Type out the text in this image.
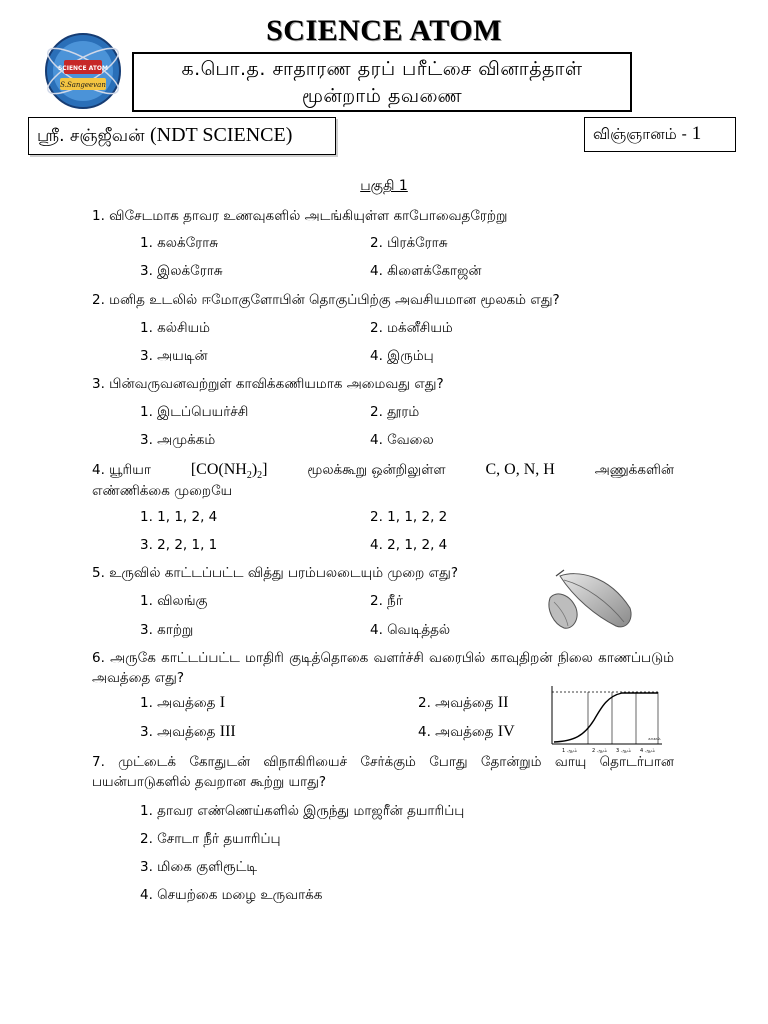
SCIENCE ATOM
SCIENCE ATOM
S.Sangeevan
க.பொ.த. சாதாரண தரப் பரீட்சை வினாத்தாள்
மூன்றாம் தவணை
ஸ்ரீ. சஞ்ஜீவன் (NDT SCIENCE)	விஞ்ஞானம் - 1
பகுதி 1
1. விசேடமாக தாவர உணவுகளில் அடங்கியுள்ள காபோவைதரேற்று
1. கலக்ரோசு	2. பிரக்ரோசு
3. இலக்ரோசு	4. கிளைக்கோஜன்
2. மனித உடலில் ஈமோகுளோபின் தொகுப்பிற்கு அவசியமான மூலகம் எது?
1. கல்சியம்	2. மக்னீசியம்
3. அயடின்	4. இரும்பு
3. பின்வருவனவற்றுள் காவிக்கணியமாக அமைவது எது?
1. இடப்பெயர்ச்சி	2. தூரம்
3. அமுக்கம்	4. வேலை
4. யூரியா $[CO(NH_2)_2]$	மூலக்கூறு ஒன்றிலுள்ள C, O, N, H	அணுக்களின்
எண்ணிக்கை முறையே
1. 1, 1, 2, 4	2. 1, 1, 2, 2
3. 2, 2, 1, 1	4. 2, 1, 2, 4
5. உருவில் காட்டப்பட்ட வித்து பரம்பலடையும் முறை எது?
1. விலங்கு	2. நீர்
3. காற்று	4. வெடித்தல்
6. அருகே காட்டப்பட்ட மாதிரி குடித்தொகை வளர்ச்சி வரைபில் காவுதிறன் நிலை காணப்படும் அவத்தை எது?
1. அவத்தை I	2. அவத்தை II
3. அவத்தை III	4. அவத்தை IV
1 ஆம்	2 ஆம் 3 ஆம் 4 ஆம்
காலம்
7. முட்டைக் கோதுடன் விநாகிரியைச் சேர்க்கும் போது தோன்றும் வாயு தொடர்பான பயன்பாடுகளில் தவறான கூற்று யாது?
1. தாவர எண்ணெய்களில் இருந்து மாஜரீன் தயாரிப்பு
2. சோடா நீர் தயாரிப்பு
3. மிகை குளிரூட்டி
4. செயற்கை மழை உருவாக்க
